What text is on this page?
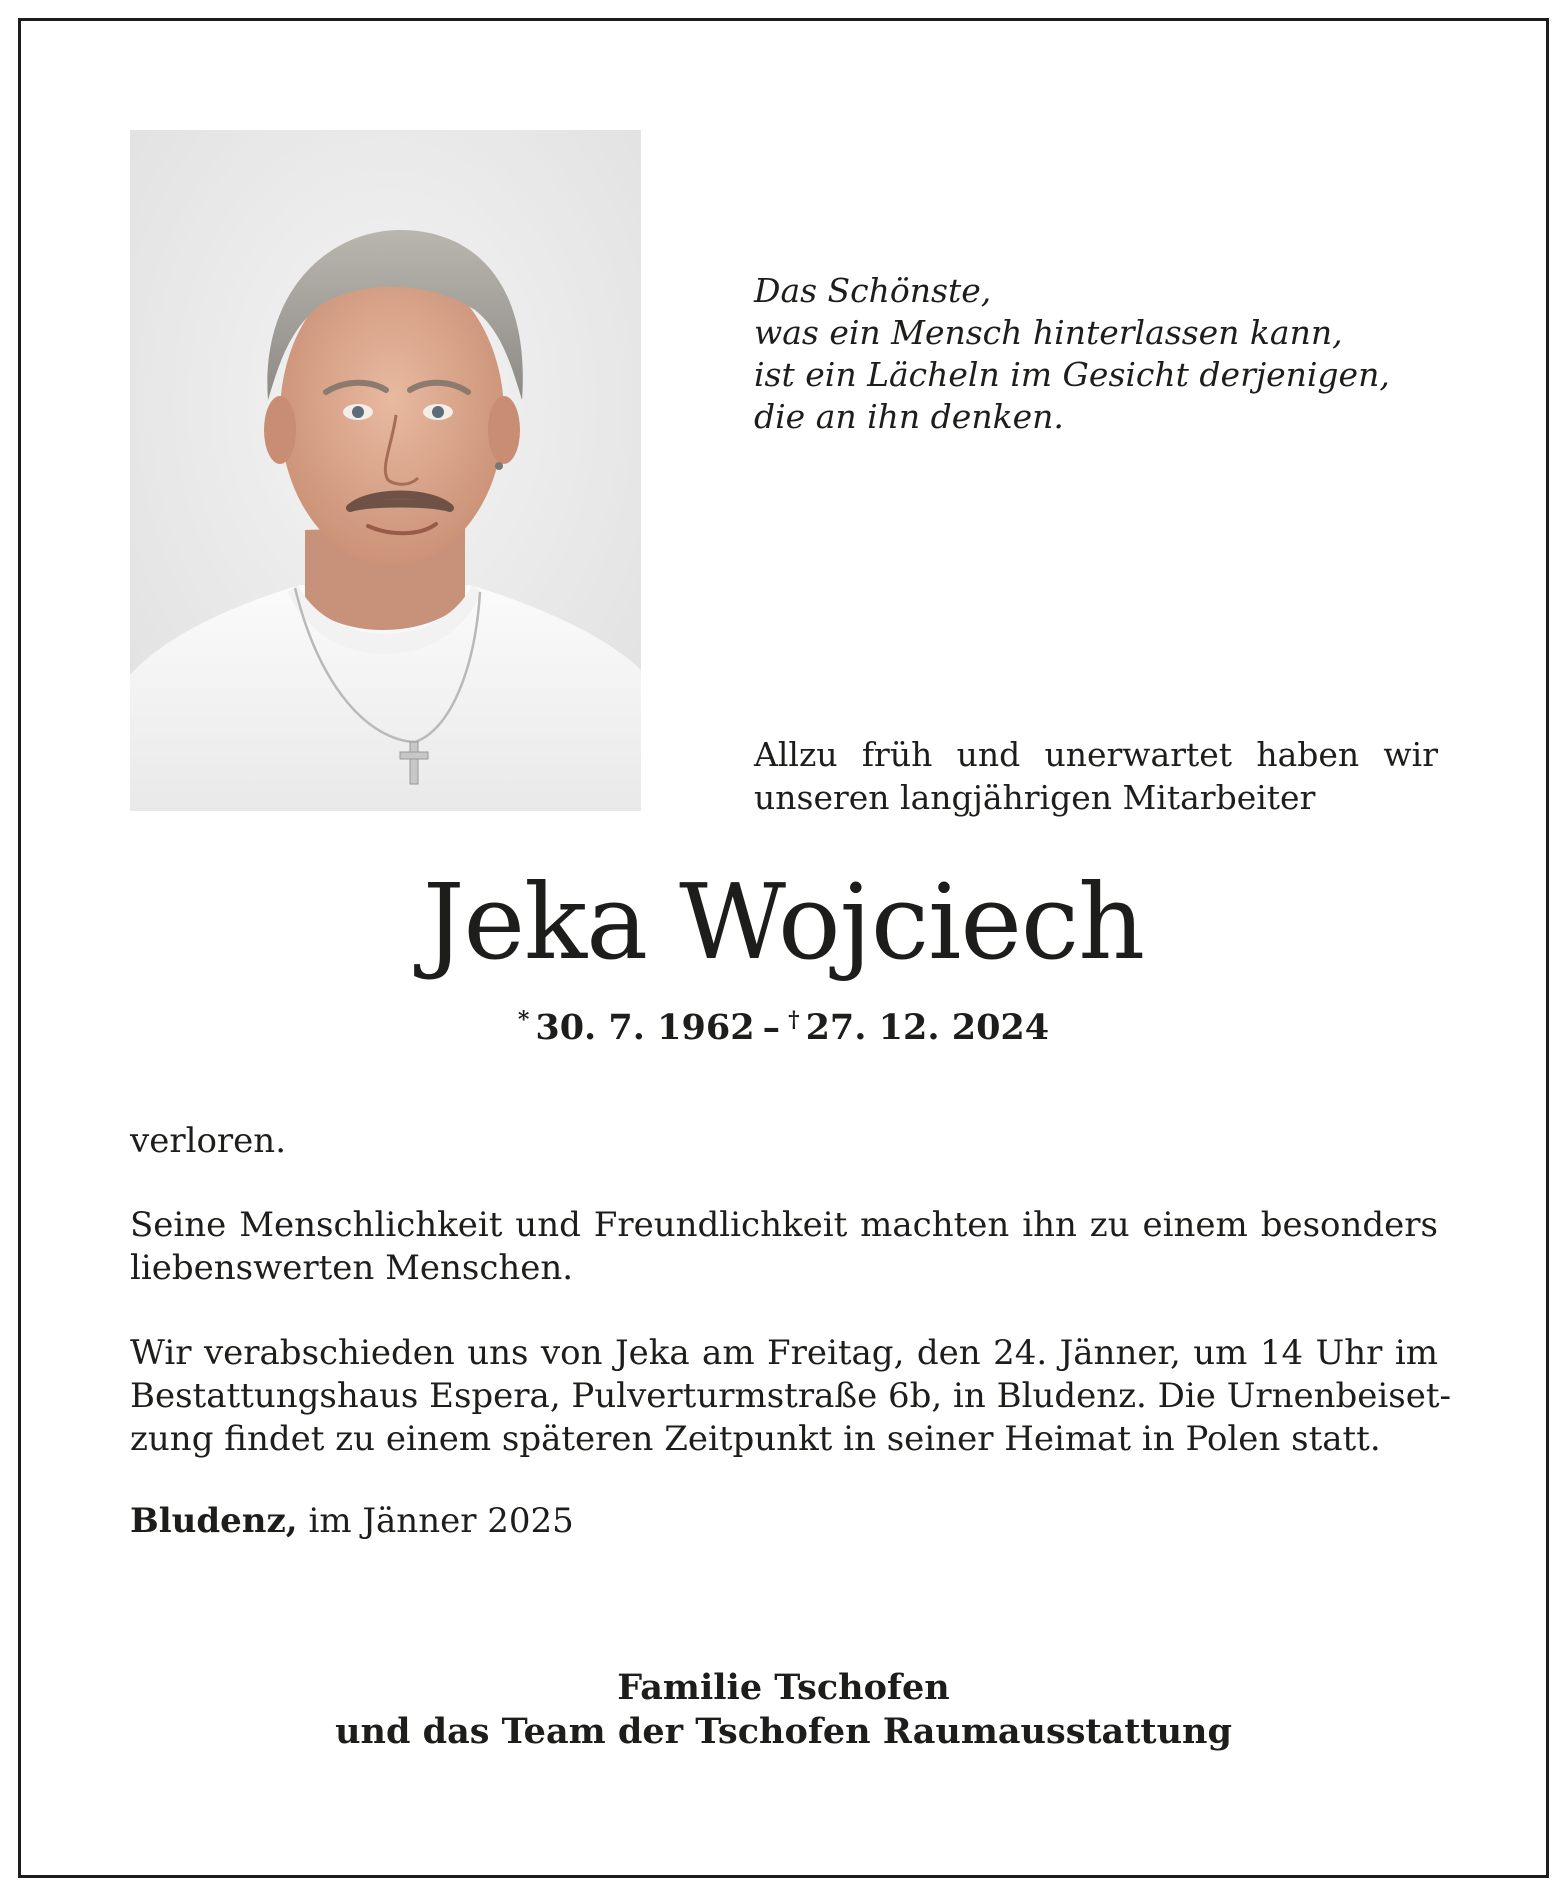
Das Schönste,
was ein Mensch hinterlassen kann,
ist ein Lächeln im Gesicht derjenigen,
die an ihn denken.
Allzu früh und unerwartet haben wir
unseren langjährigen Mitarbeiter
Jeka Wojciech
* 30. 7. 1962 – † 27. 12. 2024
verloren.
Seine Menschlichkeit und Freundlichkeit machten ihn zu einem besonders
liebenswerten Menschen.
Wir verabschieden uns von Jeka am Freitag, den 24. Jänner, um 14 Uhr im
Bestattungshaus Espera, Pulverturmstraße 6b, in Bludenz. Die Urnenbeiset-
zung findet zu einem späteren Zeitpunkt in seiner Heimat in Polen statt.
Bludenz, im Jänner 2025
Familie Tschofen
und das Team der Tschofen Raumausstattung
